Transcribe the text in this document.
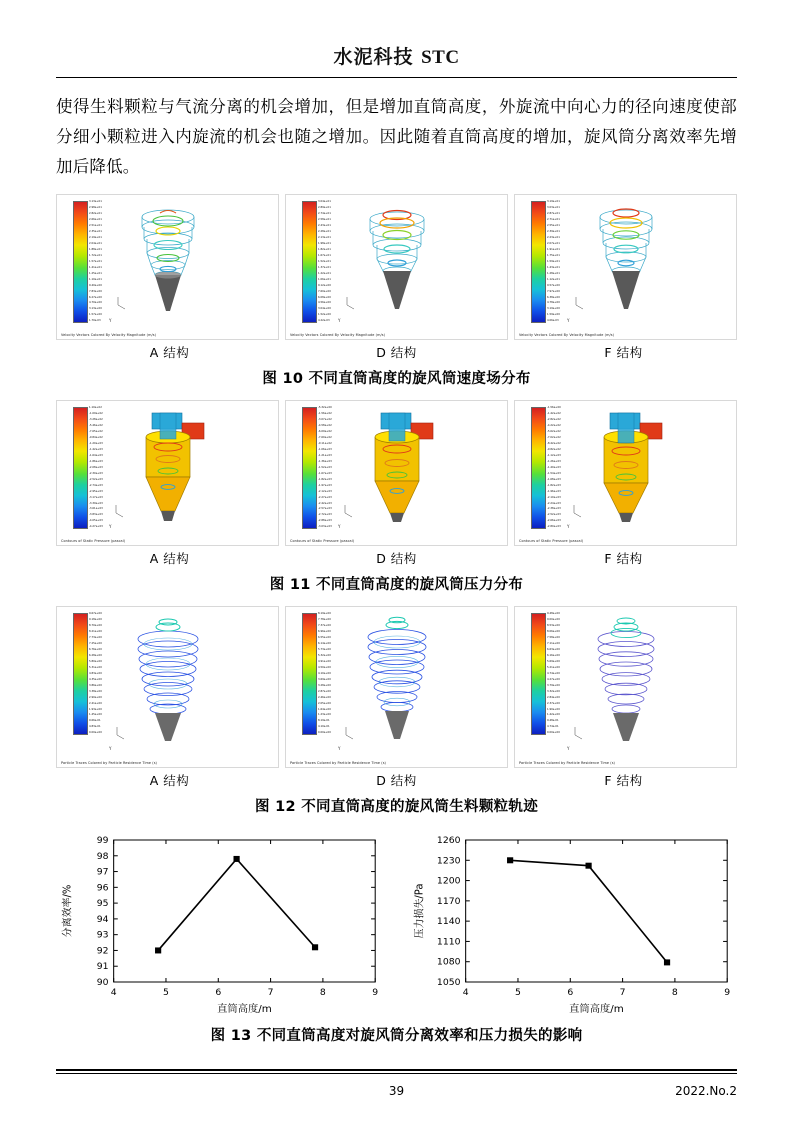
水泥科技 STC
使得生料颗粒与气流分离的机会增加，但是增加直筒高度，外旋流中向心力的径向速度使部分细小颗粒进入内旋流的机会也随之增加。因此随着直筒高度的增加，旋风筒分离效率先增加后降低。
3.13e+01
2.98e+01
2.82e+01
2.66e+01
2.51e+01
2.35e+01
2.19e+01
2.04e+01
1.88e+01
1.72e+01
1.57e+01
1.41e+01
1.25e+01
1.10e+01
9.40e+00
7.83e+00
6.27e+00
4.70e+00
3.13e+00
1.57e+00
1.70e-03	Y
Velocity Vectors Colored By Velocity Magnitude (m/s)
3.04e+01
2.89e+01
2.74e+01
2.58e+01
2.43e+01
2.28e+01
2.13e+01
1.98e+01
1.82e+01
1.67e+01
1.52e+01
1.37e+01
1.22e+01
1.06e+01
9.12e+00
7.60e+00
6.08e+00
4.56e+00
3.04e+00
1.52e+00
4.22e-03	Y
Velocity Vectors Colored By Velocity Magnitude (m/s)
3.19e+01
3.03e+01
2.87e+01
2.71e+01
2.55e+01
2.39e+01
2.23e+01
2.07e+01
1.91e+01
1.75e+01
1.59e+01
1.43e+01
1.28e+01
1.12e+01
9.57e+00
7.97e+00
6.38e+00
4.78e+00
3.19e+00
1.59e+00
4.06e-03	Y
Velocity Vectors Colored By Velocity Magnitude (m/s)
A 结构	D 结构	F 结构
图 10 不同直筒高度的旋风筒速度场分布
1.10e+02
-1.09e+02
-3.28e+02
-5.46e+02
-7.65e+02
-9.84e+02
-1.20e+03
-1.42e+03
-1.64e+03
-1.86e+03
-2.08e+03
-2.30e+03
-2.52e+03
-2.74e+03
-2.95e+03
-3.17e+03
-3.39e+03
-3.61e+03
-3.83e+03
-4.05e+03
-4.27e+03 Y
Contours of Static Pressure (pascal)
-5.32e+00
-1.56e+02
-3.07e+02
-4.58e+02
-6.09e+02
-7.60e+02
-9.11e+02
-1.06e+03
-1.21e+03
-1.36e+03
-1.52e+03
-1.67e+03
-1.82e+03
-1.97e+03
-2.12e+03
-2.27e+03
-2.42e+03
-2.57e+03
-2.72e+03
-2.88e+03
-3.03e+03 Y
Contours of Static Pressure (pascal)
-1.56e+00
-1.42e+02
-2.82e+02
-4.22e+02
-5.62e+02
-7.02e+02
-8.42e+02
-9.82e+02
-1.12e+03
-1.26e+03
-1.40e+03
-1.54e+03
-1.68e+03
-1.82e+03
-1.96e+03
-2.10e+03
-2.24e+03
-2.38e+03
-2.52e+03
-2.66e+03
-2.80e+03 Y
Contours of Static Pressure (pascal)
A 结构	D 结构	F 结构
图 11 不同直筒高度的旋风筒压力分布
9.67e+00
9.18e+00
8.70e+00
8.21e+00
7.73e+00
7.25e+00
6.76e+00
6.28e+00
5.80e+00
5.31e+00
4.83e+00
4.35e+00
3.86e+00
3.38e+00
2.90e+00
2.41e+00
1.93e+00
1.45e+00
9.66e-01
4.83e-01
0.00e+00
Y
Particle Traces Colored by Particle Residence Time (s)
8.19e+00
7.78e+00
7.37e+00
6.96e+00
6.55e+00
6.14e+00
5.73e+00
5.32e+00
4.91e+00
4.50e+00
4.10e+00
3.69e+00
3.28e+00
2.87e+00
2.46e+00
2.05e+00
1.64e+00
1.23e+00
8.19e-01
4.10e-01
0.00e+00
Y
Particle Traces Colored by Particle Residence Time (s)
9.48e+00
9.00e+00
8.53e+00
8.06e+00
7.58e+00
7.11e+00
6.63e+00
6.16e+00
5.69e+00
5.21e+00
4.74e+00
4.27e+00
3.79e+00
3.32e+00
2.84e+00
2.37e+00
1.90e+00
1.42e+00
9.48e-01
4.74e-01
0.00e+00
Y
Particle Traces Colored by Particle Residence Time (s)
A 结构	D 结构	F 结构
图 12 不同直筒高度的旋风筒生料颗粒轨迹
4	5	6	7	8	9
90
91
92
93
94
95
96
97
98
99
直筒高度/m
分离效率/%
4	5	6	7	8	9
1050
1080
1110
1140
1170
1200
1230
1260
直筒高度/m
压力损失/Pa
图 13 不同直筒高度对旋风筒分离效率和压力损失的影响
39	2022.No.2
